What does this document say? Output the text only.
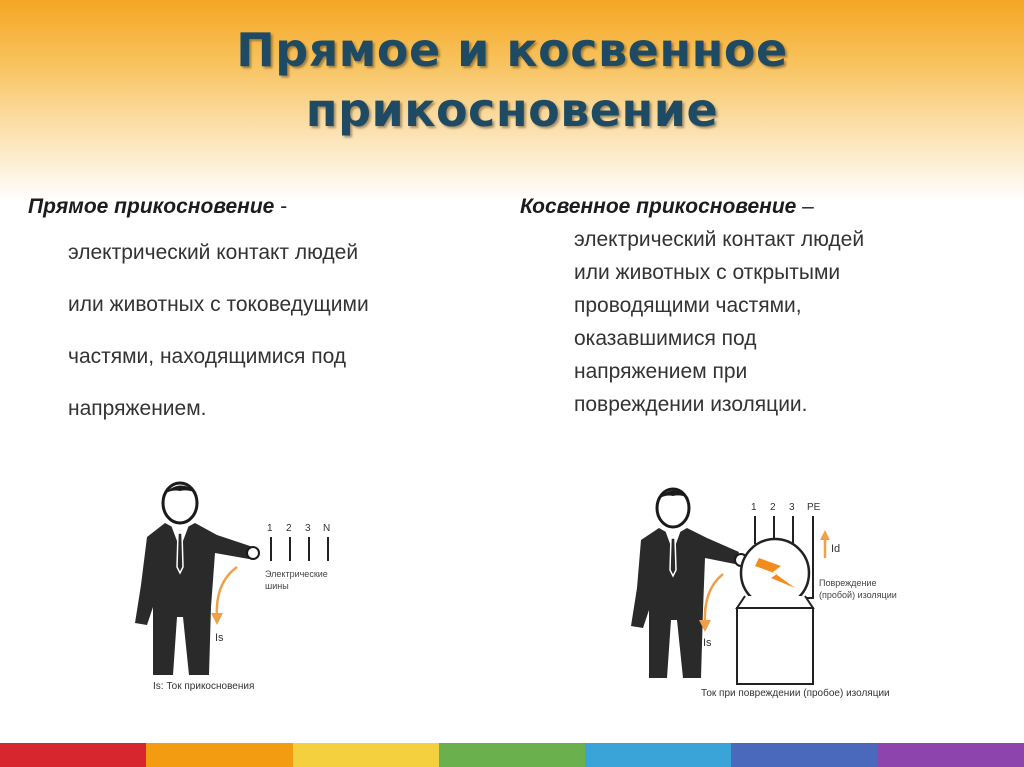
Прямое и косвенное
прикосновение
Прямое прикосновение -
электрический контакт людей
или животных с токоведущими
частями, находящимися под
напряжением.
Косвенное прикосновение –
электрический контакт людей
или животных с открытыми
проводящими частями,
оказавшимися под
напряжением при
повреждении изоляции.
1 2 3 N
Электрические
шины
Is
Is: Ток прикосновения
1 2 3 PE
Id
Повреждение
(пробой) изоляции
Is
Ток при повреждении (пробое) изоляции
